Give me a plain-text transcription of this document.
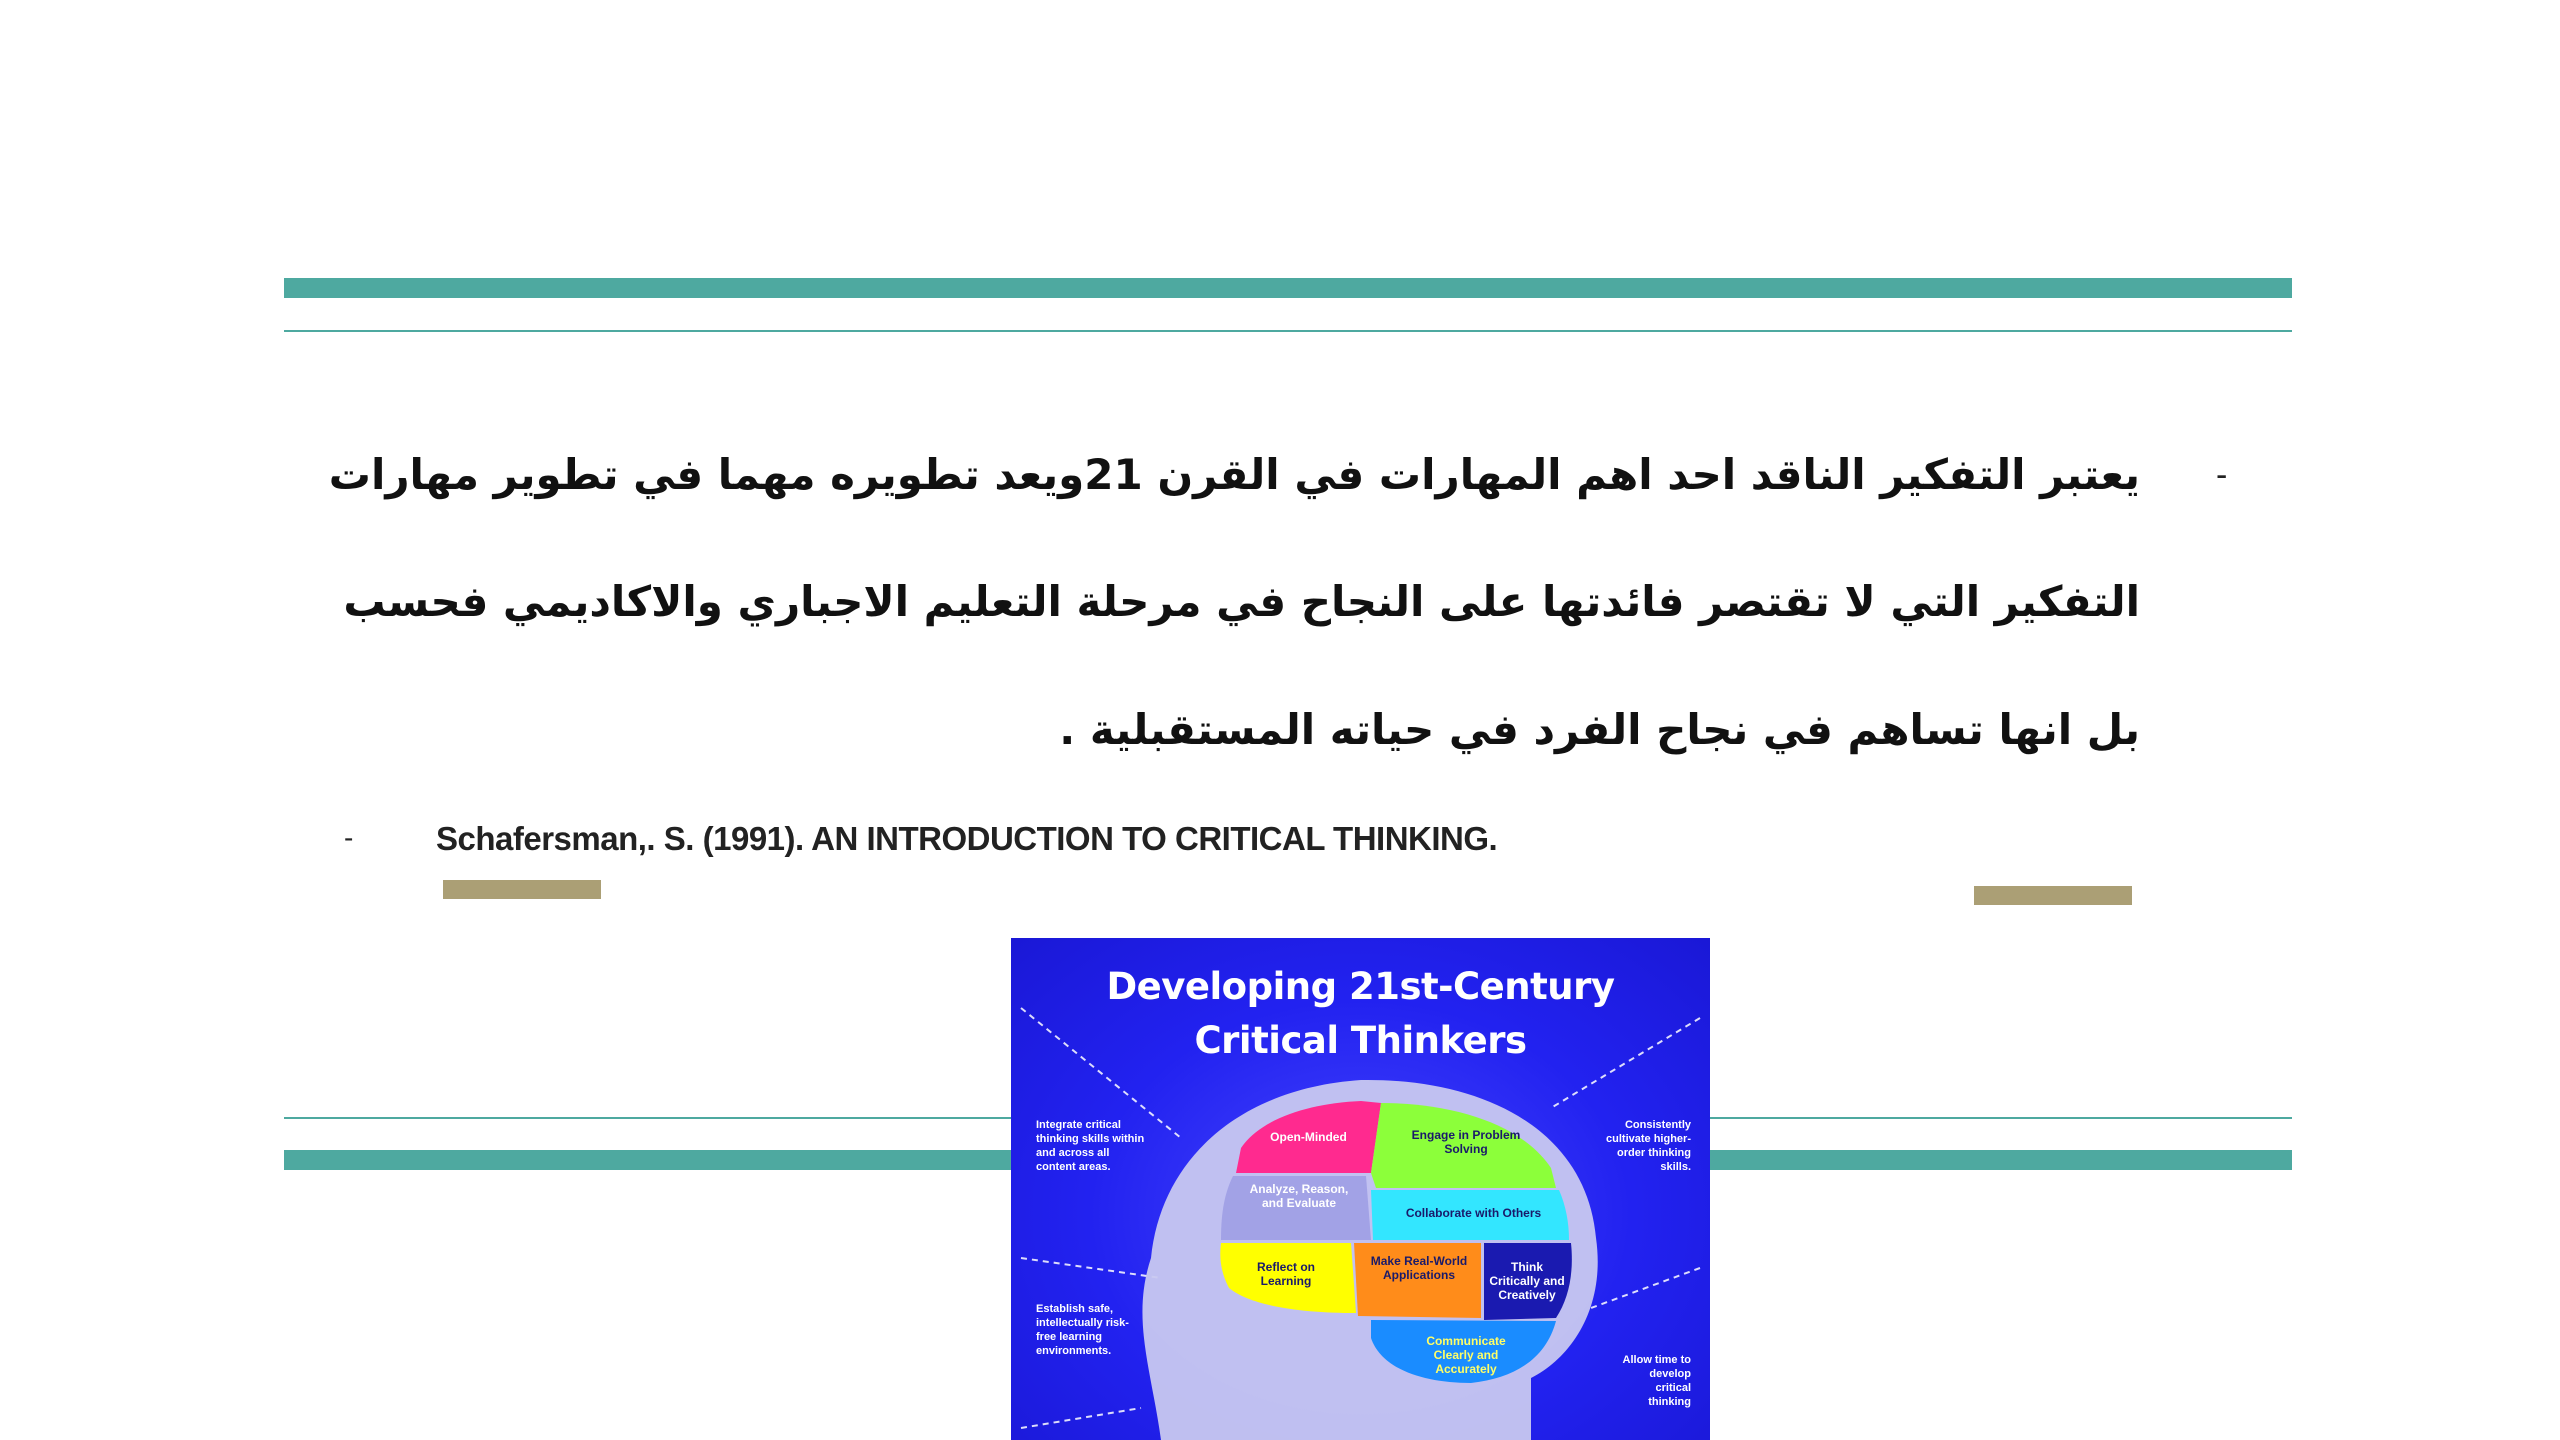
-
يعتبر التفكير الناقد احد اهم المهارات في القرن 21ويعد تطويره مهما في تطوير مهارات
التفكير التي لا تقتصر فائدتها على النجاح في مرحلة التعليم الاجباري والاكاديمي فحسب
بل انها تساهم في نجاح الفرد في حياته المستقبلية .
-	Schafersman,. S. (1991). AN INTRODUCTION TO CRITICAL THINKING.
Developing 21st-Century
Critical Thinkers
Integrate critical thinking skills within and across all content areas.
Establish safe, intellectually risk-free learning environments.
Consistently cultivate higher-order thinking skills.
Allow time to develop critical thinking
Open-Minded	Engage in Problem Solving
Analyze, Reason, and Evaluate
Collaborate with Others
Reflect on Learning
Make Real-World Applications
Think Critically and Creatively
Communicate Clearly and Accurately
